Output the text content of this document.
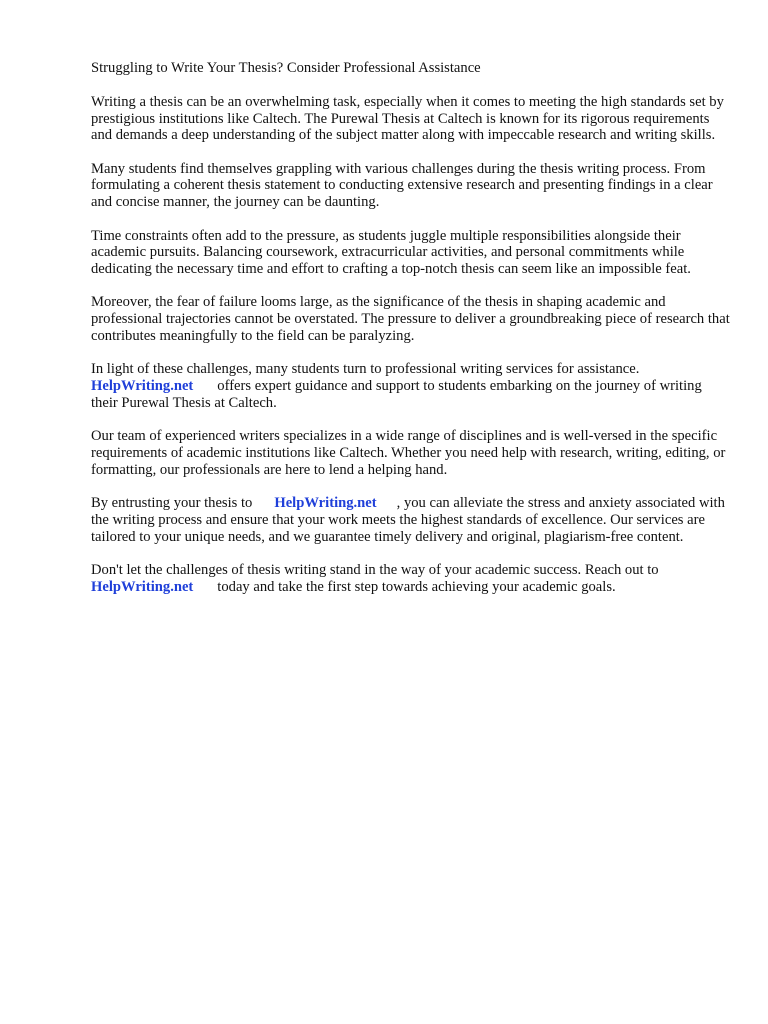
Struggling to Write Your Thesis? Consider Professional Assistance

Writing a thesis can be an overwhelming task, especially when it comes to meeting the high standards set by prestigious institutions like Caltech. The Purewal Thesis at Caltech is known for its rigorous requirements and demands a deep understanding of the subject matter along with impeccable research and writing skills.

Many students find themselves grappling with various challenges during the thesis writing process. From formulating a coherent thesis statement to conducting extensive research and presenting findings in a clear and concise manner, the journey can be daunting.

Time constraints often add to the pressure, as students juggle multiple responsibilities alongside their academic pursuits. Balancing coursework, extracurricular activities, and personal commitments while dedicating the necessary time and effort to crafting a top-notch thesis can seem like an impossible feat.

Moreover, the fear of failure looms large, as the significance of the thesis in shaping academic and professional trajectories cannot be overstated. The pressure to deliver a groundbreaking piece of research that contributes meaningfully to the field can be paralyzing.

In light of these challenges, many students turn to professional writing services for assistance.
HelpWriting.net offers expert guidance and support to students embarking on the journey of writing their Purewal Thesis at Caltech.

Our team of experienced writers specializes in a wide range of disciplines and is well-versed in the specific requirements of academic institutions like Caltech. Whether you need help with research, writing, editing, or formatting, our professionals are here to lend a helping hand.

By entrusting your thesis to HelpWriting.net , you can alleviate the stress and anxiety associated with the writing process and ensure that your work meets the highest standards of excellence. Our services are tailored to your unique needs, and we guarantee timely delivery and original, plagiarism-free content.

Don't let the challenges of thesis writing stand in the way of your academic success. Reach out to
HelpWriting.net today and take the first step towards achieving your academic goals.
